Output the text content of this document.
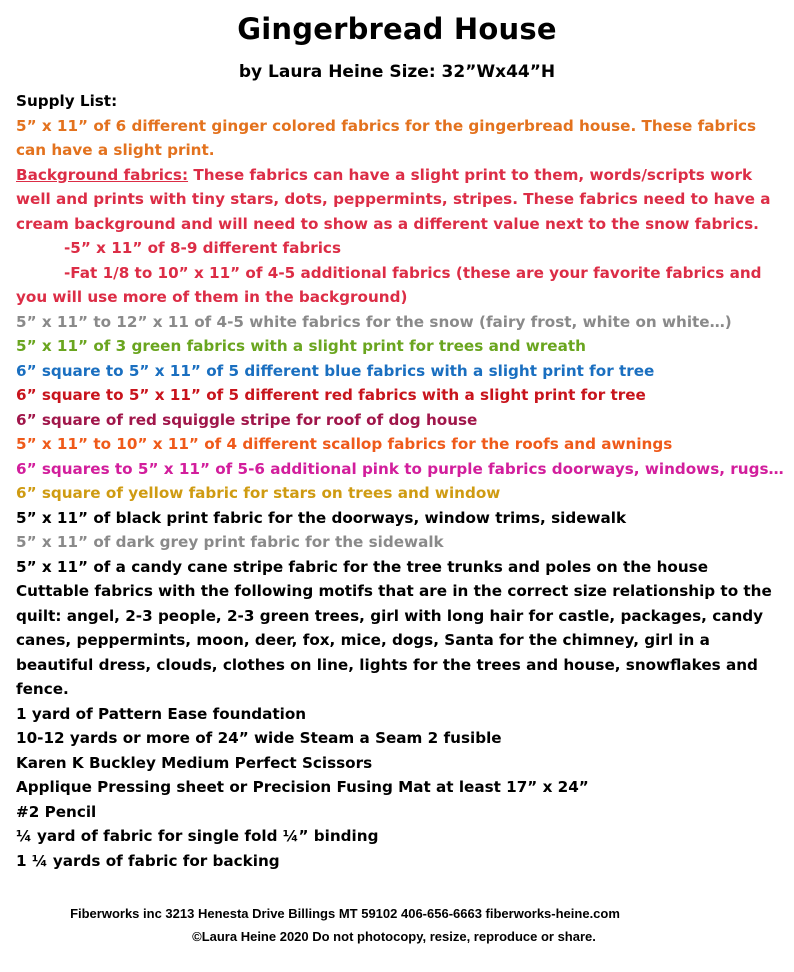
Gingerbread House
by Laura Heine Size: 32”Wx44”H

Supply List:

5” x 11” of 6 different ginger colored fabrics for the gingerbread house. These fabrics can have a slight print.

Background fabrics: These fabrics can have a slight print to them, words/scripts work well and prints with tiny stars, dots, peppermints, stripes. These fabrics need to have a cream background and will need to show as a different value next to the snow fabrics.

-5” x 11” of 8-9 different fabrics

-Fat 1/8 to 10” x 11” of 4-5 additional fabrics (these are your favorite fabrics and you will use more of them in the background)

5” x 11” to 12” x 11 of 4-5 white fabrics for the snow (fairy frost, white on white…)

5” x 11” of 3 green fabrics with a slight print for trees and wreath

6” square to 5” x 11” of 5 different blue fabrics with a slight print for tree

6” square to 5” x 11” of 5 different red fabrics with a slight print for tree

6” square of red squiggle stripe for roof of dog house

5” x 11” to 10” x 11” of 4 different scallop fabrics for the roofs and awnings

6” squares to 5” x 11” of 5-6 additional pink to purple fabrics doorways, windows, rugs…

6” square of yellow fabric for stars on trees and window

5” x 11” of black print fabric for the doorways, window trims, sidewalk

5” x 11” of dark grey print fabric for the sidewalk

5” x 11” of a candy cane stripe fabric for the tree trunks and poles on the house

Cuttable fabrics with the following motifs that are in the correct size relationship to the quilt: angel, 2-3 people, 2-3 green trees, girl with long hair for castle, packages, candy canes, peppermints, moon, deer, fox, mice, dogs, Santa for the chimney, girl in a beautiful dress, clouds, clothes on line, lights for the trees and house, snowflakes and fence.

1 yard of Pattern Ease foundation

10-12 yards or more of 24” wide Steam a Seam 2 fusible

Karen K Buckley Medium Perfect Scissors

Applique Pressing sheet or Precision Fusing Mat at least 17” x 24”

#2 Pencil

¼ yard of fabric for single fold ¼” binding

1 ¼ yards of fabric for backing

Fiberworks inc 3213 Henesta Drive Billings MT 59102 406-656-6663 fiberworks-heine.com
©Laura Heine 2020 Do not photocopy, resize, reproduce or share.
